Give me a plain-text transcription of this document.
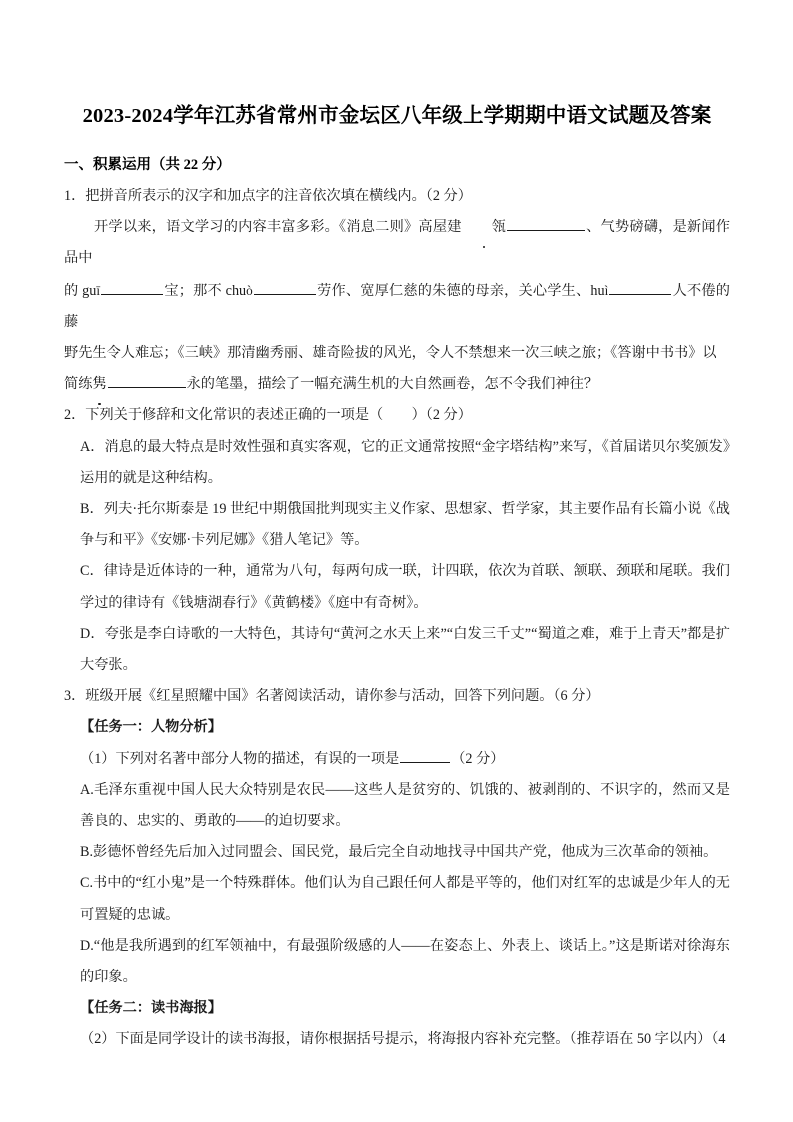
2023-2024学年江苏省常州市金坛区八年级上学期期中语文试题及答案

一、积累运用（共 22 分）

1．把拼音所表示的汉字和加点字的注音依次填在横线内。（2 分）

开学以来，语文学习的内容丰富多彩。《消息二则》高屋建 瓴	、气势磅礴，是新闻作品中

的 guī	宝；那不 chuò	劳作、宽厚仁慈的朱德的母亲，关心学生、huì	人不倦的藤

野先生令人难忘；《三峡》那清幽秀丽、雄奇险拔的风光，令人不禁想来一次三峡之旅；《答谢中书书》以

简练隽	永的笔墨，描绘了一幅充满生机的大自然画卷，怎不令我们神往？

2．下列关于修辞和文化常识的表述正确的一项是（　　）（2 分）

A．消息的最大特点是时效性强和真实客观，它的正文通常按照“金字塔结构”来写，《首届诺贝尔奖颁发》运用的就是这种结构。

B．列夫·托尔斯泰是 19 世纪中期俄国批判现实主义作家、思想家、哲学家，其主要作品有长篇小说《战争与和平》《安娜·卡列尼娜》《猎人笔记》等。

C．律诗是近体诗的一种，通常为八句，每两句成一联，计四联，依次为首联、颔联、颈联和尾联。我们学过的律诗有《钱塘湖春行》《黄鹤楼》《庭中有奇树》。

D．夸张是李白诗歌的一大特色，其诗句“黄河之水天上来”“白发三千丈”“蜀道之难，难于上青天”都是扩大夸张。

3．班级开展《红星照耀中国》名著阅读活动，请你参与活动，回答下列问题。（6 分）

【任务一：人物分析】

（1）下列对名著中部分人物的描述，有误的一项是	（2 分）

A.毛泽东重视中国人民大众特别是农民——这些人是贫穷的、饥饿的、被剥削的、不识字的，然而又是善良的、忠实的、勇敢的——的迫切要求。

B.彭德怀曾经先后加入过同盟会、国民党，最后完全自动地找寻中国共产党，他成为三次革命的领袖。

C.书中的“红小鬼”是一个特殊群体。他们认为自己跟任何人都是平等的，他们对红军的忠诚是少年人的无可置疑的忠诚。

D.“他是我所遇到的红军领袖中，有最强阶级感的人——在姿态上、外表上、谈话上。”这是斯诺对徐海东的印象。

【任务二：读书海报】

（2）下面是同学设计的读书海报，请你根据括号提示，将海报内容补充完整。（推荐语在 50 字以内）（4
